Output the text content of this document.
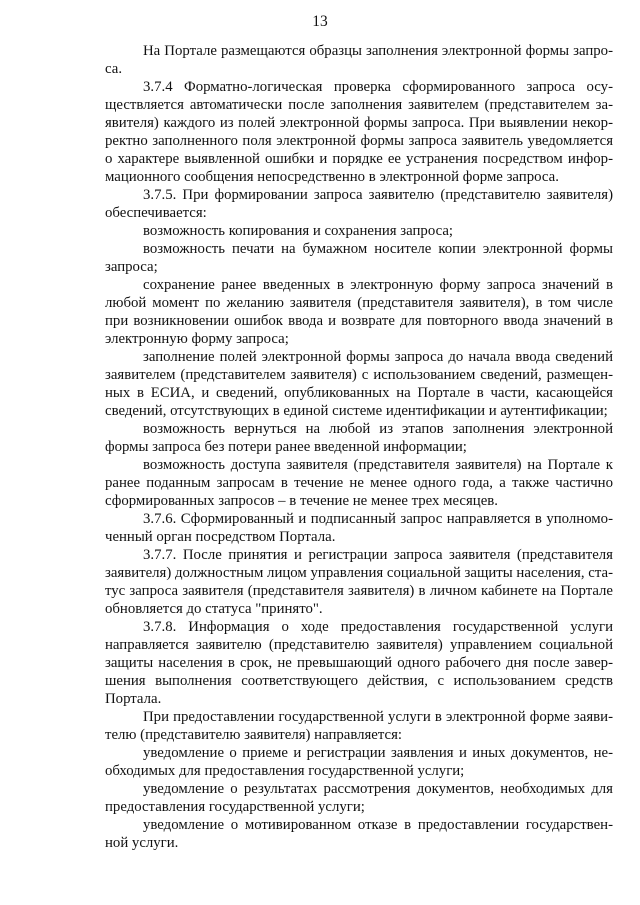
13

На Портале размещаются образцы заполнения электронной формы запроса.

3.7.4 Форматно-логическая проверка сформированного запроса осуществляется автоматически после заполнения заявителем (представителем заявителя) каждого из полей электронной формы запроса. При выявлении некорректно заполненного поля электронной формы запроса заявитель уведомляется о характере выявленной ошибки и порядке ее устранения посредством информационного сообщения непосредственно в электронной форме запроса.

3.7.5. При формировании запроса заявителю (представителю заявителя) обеспечивается:

возможность копирования и сохранения запроса;

возможность печати на бумажном носителе копии электронной формы запроса;

сохранение ранее введенных в электронную форму запроса значений в любой момент по желанию заявителя (представителя заявителя), в том числе при возникновении ошибок ввода и возврате для повторного ввода значений в электронную форму запроса;

заполнение полей электронной формы запроса до начала ввода сведений заявителем (представителем заявителя) с использованием сведений, размещенных в ЕСИА, и сведений, опубликованных на Портале в части, касающейся сведений, отсутствующих в единой системе идентификации и аутентификации;

возможность вернуться на любой из этапов заполнения электронной формы запроса без потери ранее введенной информации;

возможность доступа заявителя (представителя заявителя) на Портале к ранее поданным запросам в течение не менее одного года, а также частично сформированных запросов – в течение не менее трех месяцев.

3.7.6. Сформированный и подписанный запрос направляется в уполномоченный орган посредством Портала.

3.7.7. После принятия и регистрации запроса заявителя (представителя заявителя) должностным лицом управления социальной защиты населения, статус запроса заявителя (представителя заявителя) в личном кабинете на Портале обновляется до статуса "принято".

3.7.8. Информация о ходе предоставления государственной услуги направляется заявителю (представителю заявителя) управлением социальной защиты населения в срок, не превышающий одного рабочего дня после завершения выполнения соответствующего действия, с использованием средств Портала.

При предоставлении государственной услуги в электронной форме заявителю (представителю заявителя) направляется:

уведомление о приеме и регистрации заявления и иных документов, необходимых для предоставления государственной услуги;

уведомление о результатах рассмотрения документов, необходимых для предоставления государственной услуги;

уведомление о мотивированном отказе в предоставлении государственной услуги.
